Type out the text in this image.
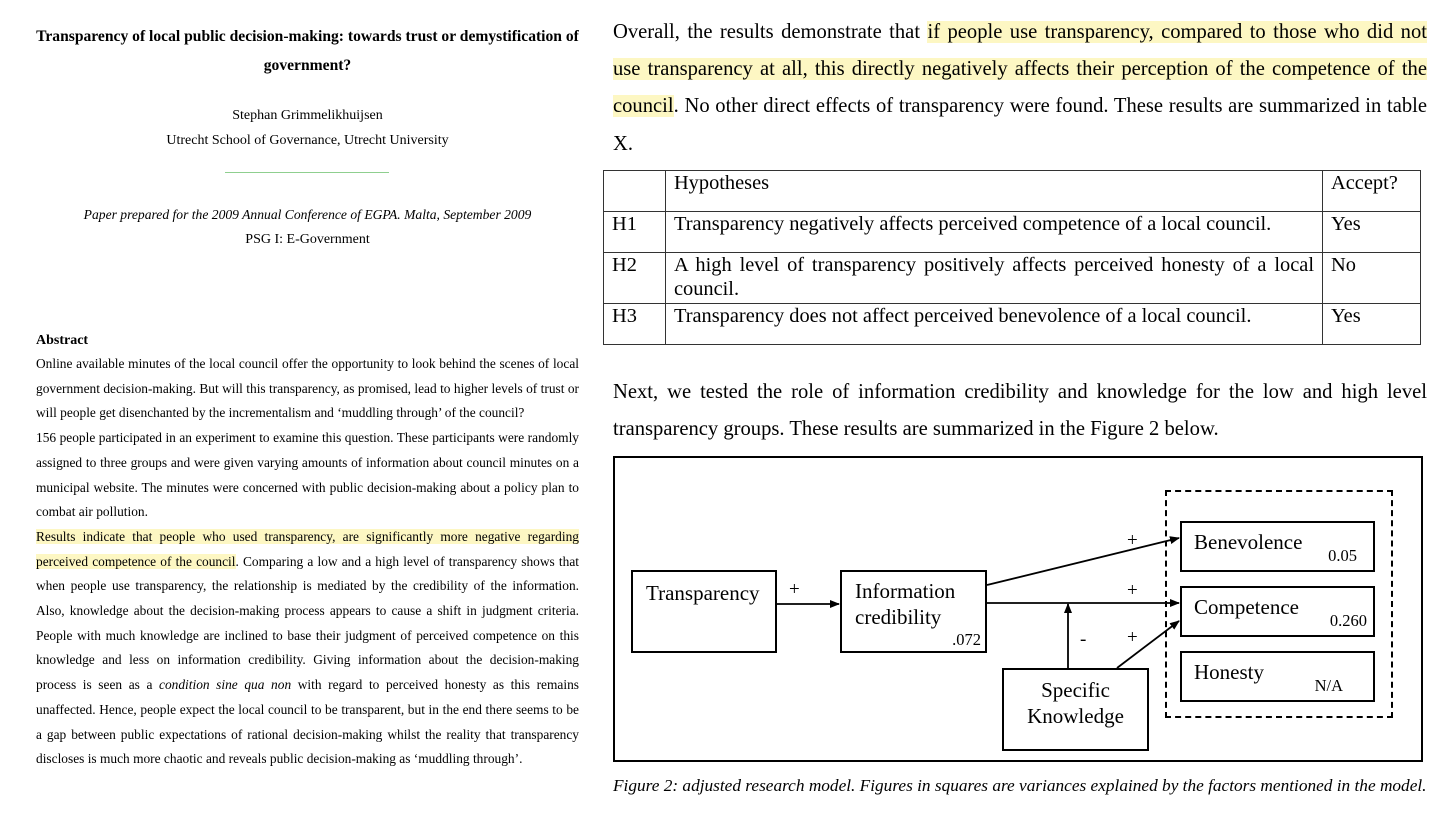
Transparency of local public decision-making: towards trust or demystification of government?
Stephan Grimmelikhuijsen
Utrecht School of Governance, Utrecht University
Paper prepared for the 2009 Annual Conference of EGPA. Malta, September 2009
PSG I: E-Government
Abstract

Online available minutes of the local council offer the opportunity to look behind the scenes of local government decision-making. But will this transparency, as promised, lead to higher levels of trust or will people get disenchanted by the incrementalism and ‘muddling through’ of the council?

156 people participated in an experiment to examine this question. These participants were randomly assigned to three groups and were given varying amounts of information about council minutes on a municipal website. The minutes were concerned with public decision-making about a policy plan to combat air pollution.

Results indicate that people who used transparency, are significantly more negative regarding perceived competence of the council. Comparing a low and a high level of transparency shows that when people use transparency, the relationship is mediated by the credibility of the information. Also, knowledge about the decision-making process appears to cause a shift in judgment criteria. People with much knowledge are inclined to base their judgment of perceived competence on this knowledge and less on information credibility. Giving information about the decision-making process is seen as a condition sine qua non with regard to perceived honesty as this remains unaffected. Hence, people expect the local council to be transparent, but in the end there seems to be a gap between public expectations of rational decision-making whilst the reality that transparency discloses is much more chaotic and reveals public decision-making as ‘muddling through’.

Overall, the results demonstrate that if people use transparency, compared to those who did not use transparency at all, this directly negatively affects their perception of the competence of the council. No other direct effects of transparency were found. These results are summarized in table X.

	Hypotheses	Accept?
H1	Transparency negatively affects perceived competence of a local council.	Yes
H2	A high level of transparency positively affects perceived honesty of a local council.	No
H3	Transparency does not affect perceived benevolence of a local council.	Yes

Next, we tested the role of information credibility and knowledge for the low and high level transparency groups. These results are summarized in the Figure 2 below.

Transparency	Information
credibility
.072
Specific
Knowledge
Benevolence
0.05
Competence
0.260
Honesty
N/A
+
+
+
- +

Figure 2: adjusted research model. Figures in squares are variances explained by the factors mentioned in the model.
